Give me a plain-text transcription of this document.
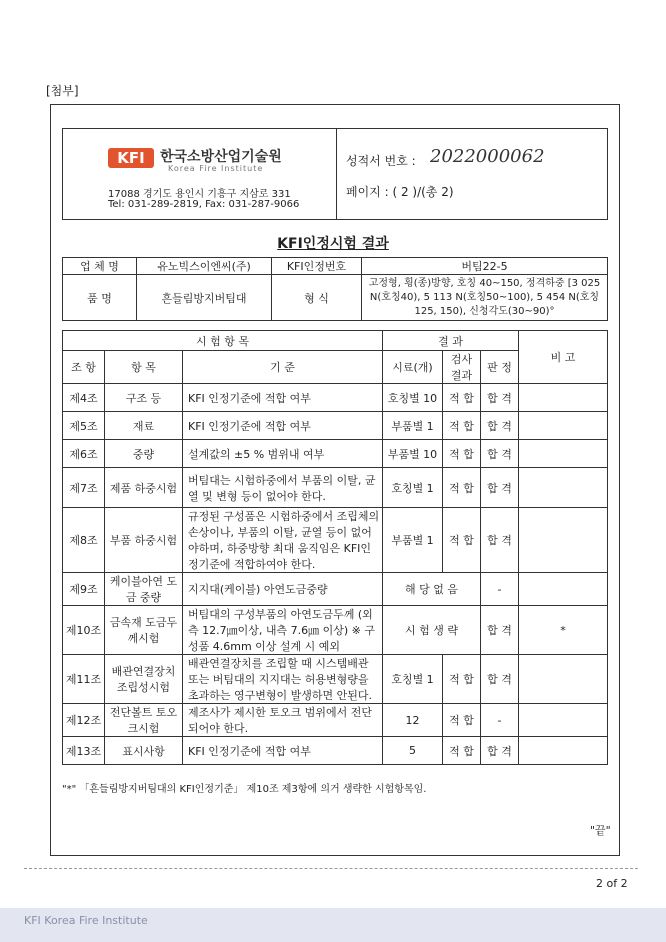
[첨부]
KFI	한국소방산업기술원
Korea Fire Institute
17088 경기도 용인시 기흥구 지삼로 331
Tel: 031-289-2819, Fax: 031-287-9066
성적서 번호 : 2022000062
페이지 : ( 2 )/(총 2)
KFI인정시험 결과
업 체 명	유노빅스이엔씨(주)	KFI인정번호	버팀22-5
품 명	흔들림방지버팀대	형 식	고정형, 횡(종)방향, 호칭 40~150, 정격하중 [3 025 N(호칭40), 5 113 N(호칭50~100), 5 454 N(호칭125, 150), 신청각도(30~90)°
시 험 항 목			결 과			비 고
조 항	항 목	기 준	시료(개)	검사 결과	판 정	
제4조	구조 등	KFI 인정기준에 적합 여부	호칭별 10	적 합	합 격	
제5조	재료	KFI 인정기준에 적합 여부	부품별 1	적 합	합 격	
제6조	중량	설계값의 ±5 % 범위내 여부	부품별 10	적 합	합 격	
제7조	제품 하중시험	버팀대는 시험하중에서 부품의 이탈, 균열 및 변형 등이 없어야 한다.	호칭별 1	적 합	합 격	
제8조	부품 하중시험	규정된 구성품은 시험하중에서 조립체의 손상이나, 부품의 이탈, 균열 등이 없어야하며, 하중방향 최대 움직임은 KFI인정기준에 적합하여야 한다.	부품별 1	적 합	합 격	
제9조	케이블아연 도금 중량	지지대(케이블) 아연도금중량	해 당 없 음		-	
제10조	금속재 도금두께시험	버팀대의 구성부품의 아연도금두께 (외측 12.7㎛이상, 내측 7.6㎛ 이상) ※ 구성품 4.6mm 이상 설계 시 예외	시 험 생 략		합 격	*
제11조	배관연결장치 조립성시험	배관연결장치를 조립할 때 시스템배관 또는 버팀대의 지지대는 허용변형량을 초과하는 영구변형이 발생하면 안된다.	호칭별 1	적 합	합 격	
제12조	전단볼트 토오크시험	제조사가 제시한 토오크 범위에서 전단되어야 한다.	12	적 합	-	
제13조	표시사항	KFI 인정기준에 적합 여부	5	적 합	합 격	
"*" 「흔들림방지버팀대의 KFI인정기준」 제10조 제3항에 의거 생략한 시험항목임.
"끝"
2 of 2
KFI Korea Fire Institute
